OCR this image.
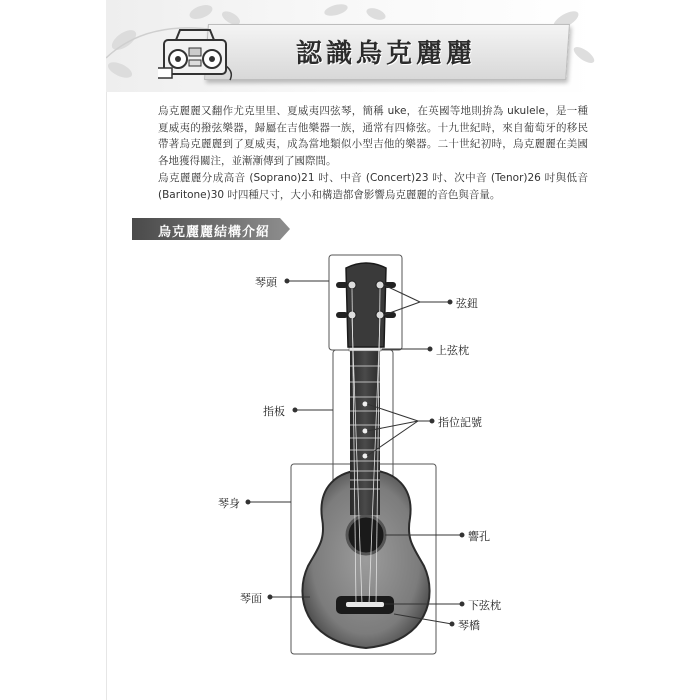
認識烏克麗麗

烏克麗麗又翻作尤克里里、夏威夷四弦琴，簡稱 uke，在英國等地則拚為 ukulele，是一種夏威夷的撥弦樂器，歸屬在吉他樂器一族，通常有四條弦。十九世紀時，來自葡萄牙的移民帶著烏克麗麗到了夏威夷，成為當地類似小型吉他的樂器。二十世紀初時，烏克麗麗在美國各地獲得關注，並漸漸傳到了國際間。

烏克麗麗分成高音 (Soprano)21 吋、中音 (Concert)23 吋、次中音 (Tenor)26 吋與低音 (Baritone)30 吋四種尺寸，大小和構造都會影響烏克麗麗的音色與音量。

烏克麗麗結構介紹
琴頭
弦鈕
上弦枕
指板
指位記號
琴身
響孔
琴面
下弦枕
琴橋
